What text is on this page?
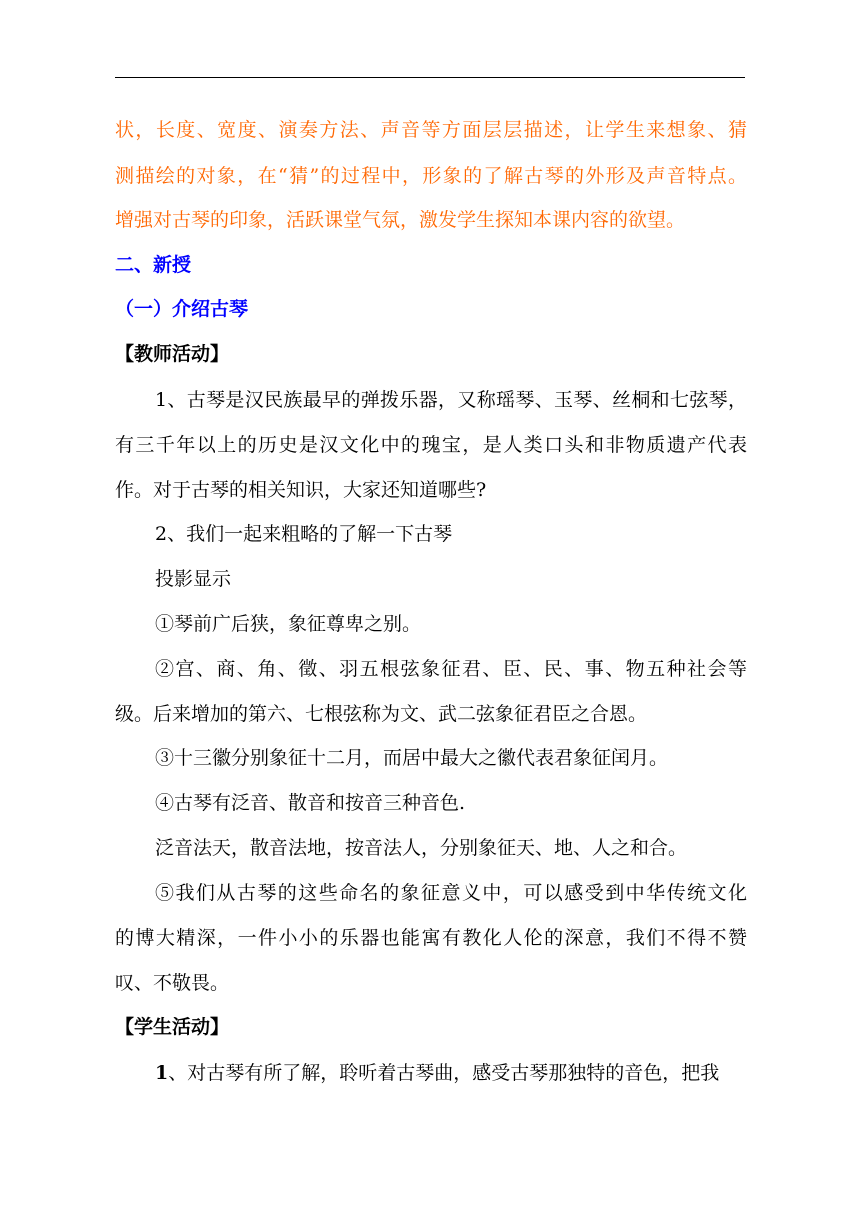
状，长度、宽度、演奏方法、声音等方面层层描述，让学生来想象、猜
测描绘的对象，在“猜”的过程中，形象的了解古琴的外形及声音特点。
增强对古琴的印象，活跃课堂气氛，激发学生探知本课内容的欲望。
二、新授
（一）介绍古琴
【教师活动】
1、古琴是汉民族最早的弹拨乐器，又称瑶琴、玉琴、丝桐和七弦琴，
有三千年以上的历史是汉文化中的瑰宝，是人类口头和非物质遗产代表
作。对于古琴的相关知识，大家还知道哪些?
2、我们一起来粗略的了解一下古琴
投影显示
①琴前广后狭，象征尊卑之别。
②宫、商、角、徵、羽五根弦象征君、臣、民、事、物五种社会等
级。后来增加的第六、七根弦称为文、武二弦象征君臣之合恩。
③十三徽分别象征十二月，而居中最大之徽代表君象征闰月。
④古琴有泛音、散音和按音三种音色.
泛音法天，散音法地，按音法人，分别象征天、地、人之和合。
⑤我们从古琴的这些命名的象征意义中，可以感受到中华传统文化
的博大精深，一件小小的乐器也能寓有教化人伦的深意，我们不得不赞
叹、不敬畏。
【学生活动】
1、对古琴有所了解，聆听着古琴曲，感受古琴那独特的音色，把我
